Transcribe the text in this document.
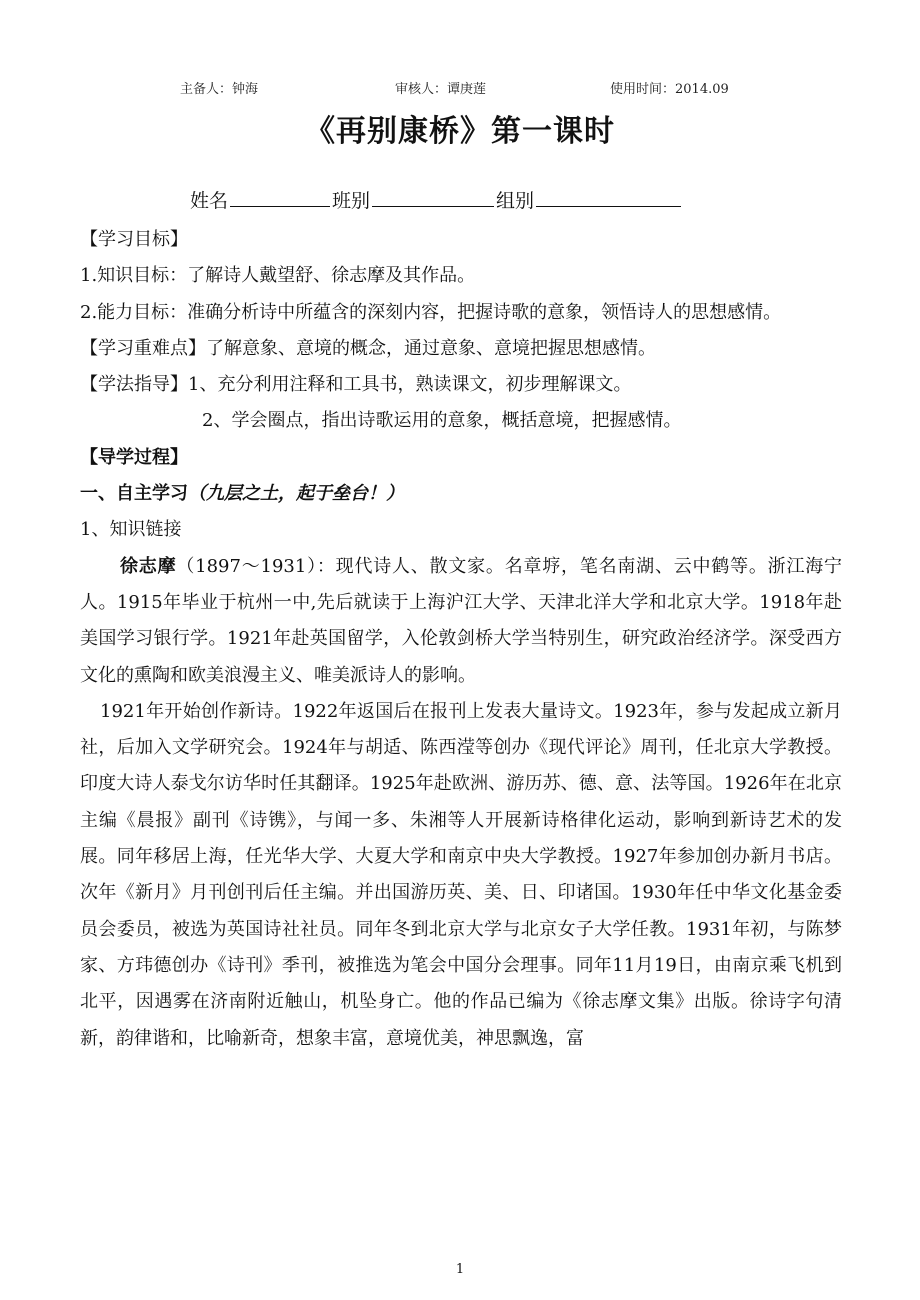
主备人：钟海	审核人：谭庚莲	使用时间：2014.09
《再别康桥》第一课时
姓名	班别	组别

【学习目标】

1.知识目标：了解诗人戴望舒、徐志摩及其作品。

2.能力目标：准确分析诗中所蕴含的深刻内容，把握诗歌的意象，领悟诗人的思想感情。

【学习重难点】了解意象、意境的概念，通过意象、意境把握思想感情。

【学法指导】1、充分利用注释和工具书，熟读课文，初步理解课文。

2、学会圈点，指出诗歌运用的意象，概括意境，把握感情。

【导学过程】

一、自主学习（九层之土，起于垒台！）

1、知识链接

徐志摩（1897～1931）：现代诗人、散文家。名章垿，笔名南湖、云中鹤等。浙江海宁人。1915年毕业于杭州一中,先后就读于上海沪江大学、天津北洋大学和北京大学。1918年赴美国学习银行学。1921年赴英国留学，入伦敦剑桥大学当特别生，研究政治经济学。深受西方文化的熏陶和欧美浪漫主义、唯美派诗人的影响。

1921年开始创作新诗。1922年返国后在报刊上发表大量诗文。1923年，参与发起成立新月社，后加入文学研究会。1924年与胡适、陈西滢等创办《现代评论》周刊，任北京大学教授。印度大诗人泰戈尔访华时任其翻译。1925年赴欧洲、游历苏、德、意、法等国。1926年在北京主编《晨报》副刊《诗镌》，与闻一多、朱湘等人开展新诗格律化运动，影响到新诗艺术的发展。同年移居上海，任光华大学、大夏大学和南京中央大学教授。1927年参加创办新月书店。次年《新月》月刊创刊后任主编。并出国游历英、美、日、印诸国。1930年任中华文化基金委员会委员，被选为英国诗社社员。同年冬到北京大学与北京女子大学任教。1931年初，与陈梦家、方玮德创办《诗刊》季刊，被推选为笔会中国分会理事。同年11月19日，由南京乘飞机到北平，因遇雾在济南附近触山，机坠身亡。他的作品已编为《徐志摩文集》出版。徐诗字句清新，韵律谐和，比喻新奇，想象丰富，意境优美，神思飘逸，富

1
